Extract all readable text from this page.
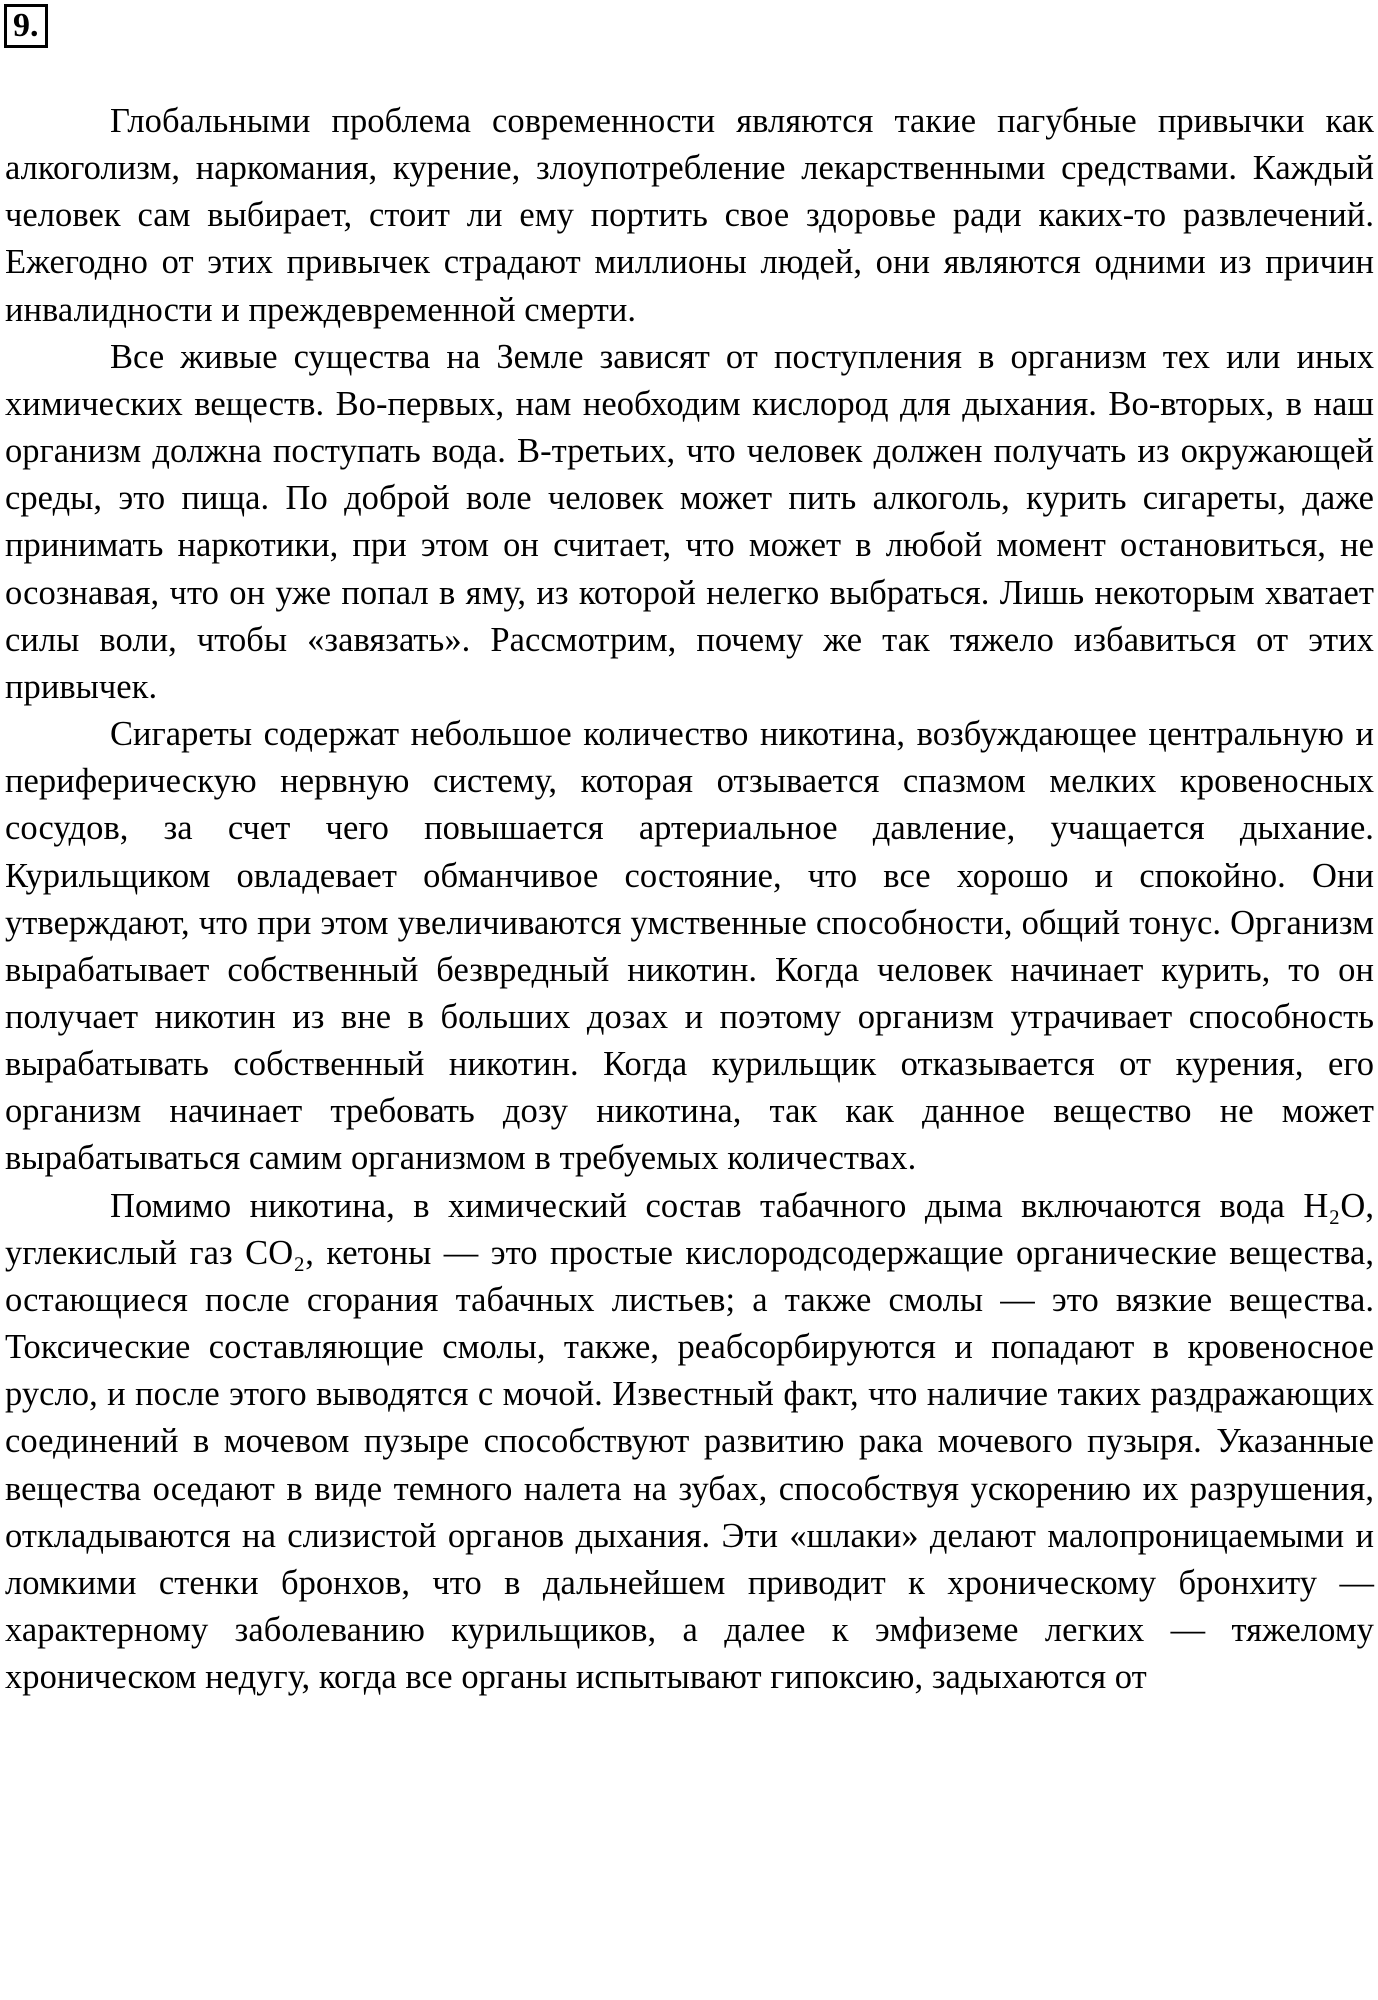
9.

Глобальными проблема современности являются такие пагубные привычки как алкоголизм, наркомания, курение, злоупотребление лекарственными средствами. Каждый человек сам выбирает, стоит ли ему портить свое здоровье ради каких-то развлечений. Ежегодно от этих привычек страдают миллионы людей, они являются одними из причин инвалидности и преждевременной смерти.

Все живые существа на Земле зависят от поступления в организм тех или иных химических веществ. Во-первых, нам необходим кислород для дыхания. Во-вторых, в наш организм должна поступать вода. В-третьих, что человек должен получать из окружающей среды, это пища. По доброй воле человек может пить алкоголь, курить сигареты, даже принимать наркотики, при этом он считает, что может в любой момент остановиться, не осознавая, что он уже попал в яму, из которой нелегко выбраться. Лишь некоторым хватает силы воли, чтобы «завязать». Рассмотрим, почему же так тяжело избавиться от этих привычек.

Сигареты содержат небольшое количество никотина, возбуждающее центральную и периферическую нервную систему, которая отзывается спазмом мелких кровеносных сосудов, за счет чего повышается артериальное давление, учащается дыхание. Курильщиком овладевает обманчивое состояние, что все хорошо и спокойно. Они утверждают, что при этом увеличиваются умственные способности, общий тонус. Организм вырабатывает собственный безвредный никотин. Когда человек начинает курить, то он получает никотин из вне в больших дозах и поэтому организм утрачивает способность вырабатывать собственный никотин. Когда курильщик отказывается от курения, его организм начинает требовать дозу никотина, так как данное вещество не может вырабатываться самим организмом в требуемых количествах.

Помимо никотина, в химический состав табачного дыма включаются вода H₂O, углекислый газ CO₂, кетоны — это простые кислородсодержащие органические вещества, остающиеся после сгорания табачных листьев; а также смолы — это вязкие вещества. Токсические составляющие смолы, также, реабсорбируются и попадают в кровеносное русло, и после этого выводятся с мочой. Известный факт, что наличие таких раздражающих соединений в мочевом пузыре способствуют развитию рака мочевого пузыря. Указанные вещества оседают в виде темного налета на зубах, способствуя ускорению их разрушения, откладываются на слизистой органов дыхания. Эти «шлаки» делают малопроницаемыми и ломкими стенки бронхов, что в дальнейшем приводит к хроническому бронхиту — характерному заболеванию курильщиков, а далее к эмфиземе легких — тяжелому хроническом недугу, когда все органы испытывают гипоксию, задыхаются от
